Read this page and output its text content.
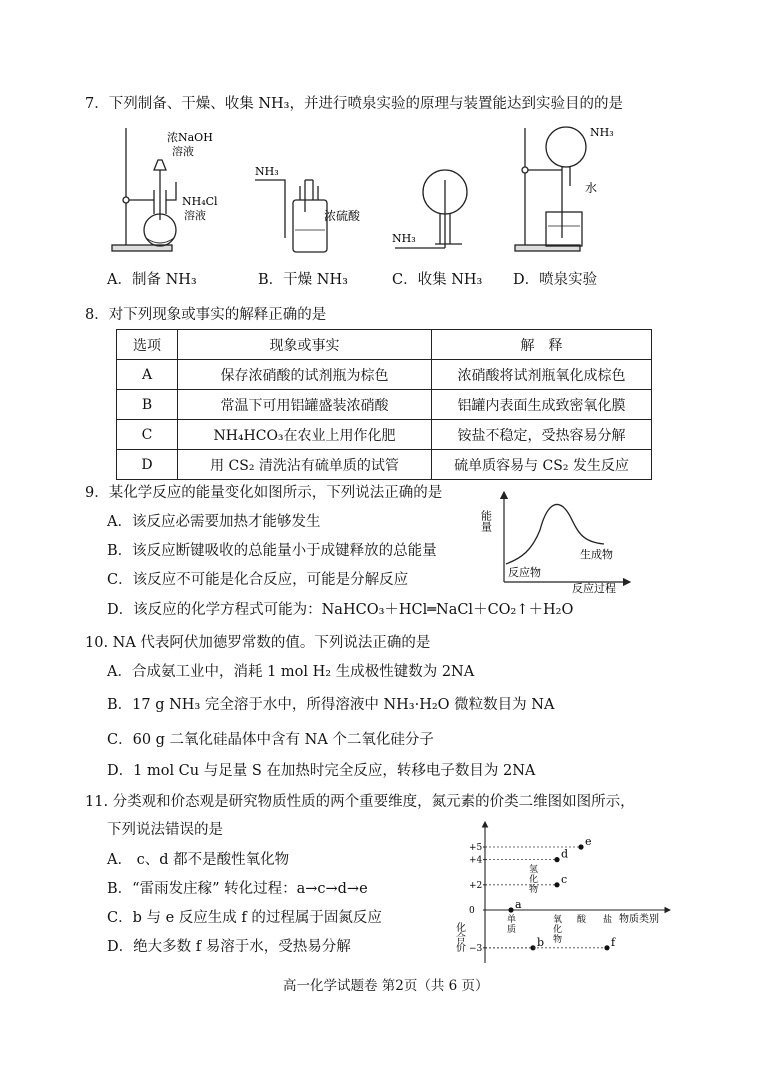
7．下列制备、干燥、收集 NH₃，并进行喷泉实验的原理与装置能达到实验目的的是
浓NaOH
溶液
NH₄Cl
溶液
NH₃
浓硫酸
NH₃
NH₃
水
A．制备 NH₃	B．干燥 NH₃	C．收集 NH₃ D．喷泉实验
8．对下列现象或事实的解释正确的是
选项	现象或事实	解　释
A	保存浓硝酸的试剂瓶为棕色	浓硝酸将试剂瓶氧化成棕色
B	常温下可用铝罐盛装浓硝酸	铝罐内表面生成致密氧化膜
C	NH₄HCO₃在农业上用作化肥	铵盐不稳定，受热容易分解
D	用 CS₂ 清洗沾有硫单质的试管	硫单质容易与 CS₂ 发生反应
9．某化学反应的能量变化如图所示，下列说法正确的是
A．该反应必需要加热才能够发生
B．该反应断键吸收的总能量小于成键释放的总能量
C．该反应不可能是化合反应，可能是分解反应
D．该反应的化学方程式可能为：NaHCO₃＋HCl═NaCl＋CO₂↑＋H₂O
能量
反应过程
反应物
生成物
10. NA 代表阿伏加德罗常数的值。下列说法正确的是
A．合成氨工业中，消耗 1 mol H₂ 生成极性键数为 2NA
B．17 g NH₃ 完全溶于水中，所得溶液中 NH₃·H₂O 微粒数目为 NA
C．60 g 二氧化硅晶体中含有 NA 个二氧化硅分子
D．1 mol Cu 与足量 S 在加热时完全反应，转移电子数目为 2NA
11. 分类观和价态观是研究物质性质的两个重要维度，氮元素的价类二维图如图所示，
下列说法错误的是
A． c、d 都不是酸性氧化物
B．“雷雨发庄稼” 转化过程：a→c→d→e
C．b 与 e 反应生成 f 的过程属于固氮反应
D．绝大多数 f 易溶于水，受热易分解	化合价
物质类别
+5
+4
+2
0
−3
单质
氢化物
氧化物
酸 盐
a
b
c
d
e
f
高一化学试题卷 第2页（共 6 页）
